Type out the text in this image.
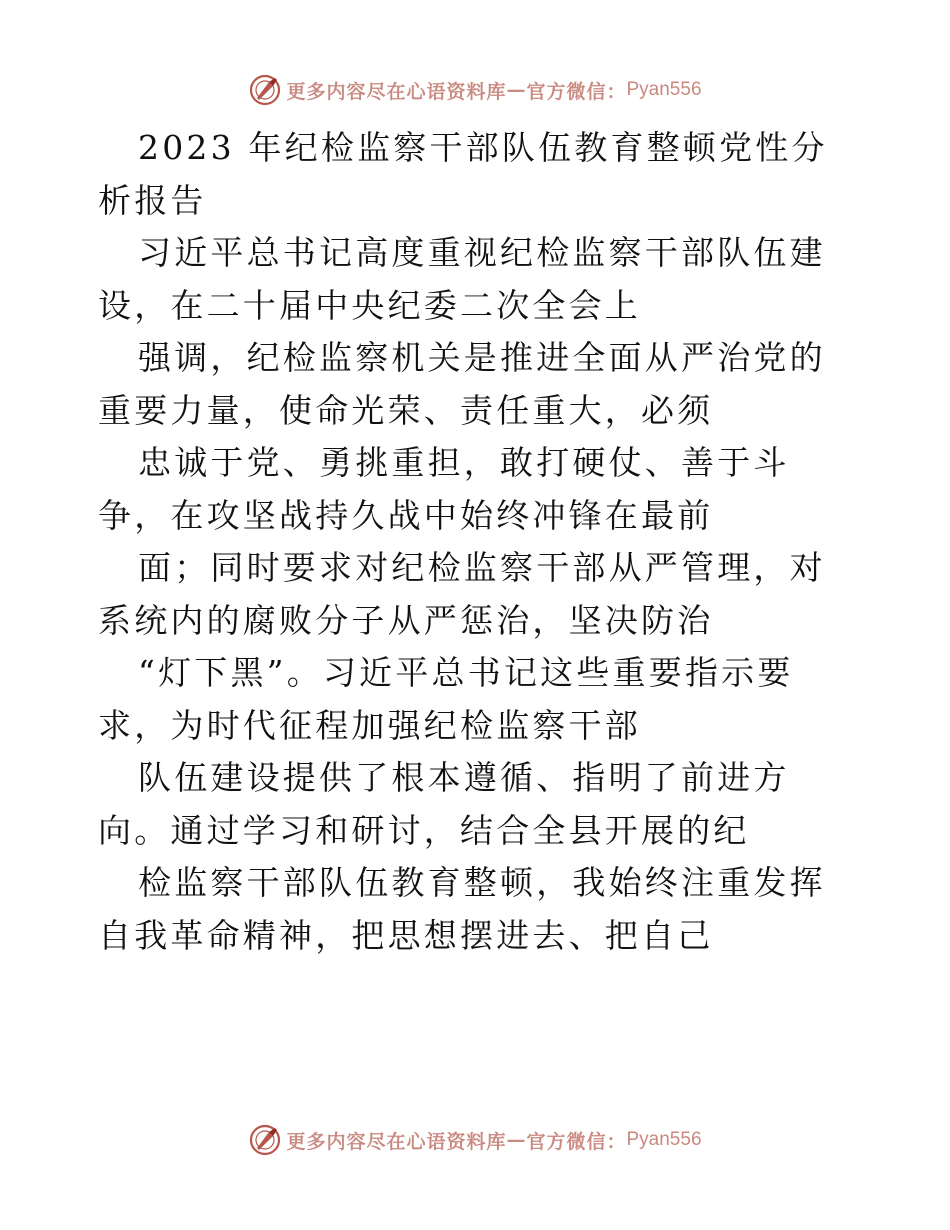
更多内容尽在心语资料库 — 官方微信： Pyan556

2023 年纪检监察干部队伍教育整顿党性分析报告

习近平总书记高度重视纪检监察干部队伍建设，在二十届中央纪委二次全会上

强调，纪检监察机关是推进全面从严治党的重要力量，使命光荣、责任重大，必须

忠诚于党、勇挑重担，敢打硬仗、善于斗争，在攻坚战持久战中始终冲锋在最前

面；同时要求对纪检监察干部从严管理，对系统内的腐败分子从严惩治，坚决防治

“灯下黑”。习近平总书记这些重要指示要求，为时代征程加强纪检监察干部

队伍建设提供了根本遵循、指明了前进方向。通过学习和研讨，结合全县开展的纪

检监察干部队伍教育整顿，我始终注重发挥自我革命精神，把思想摆进去、把自己

更多内容尽在心语资料库 — 官方微信： Pyan556
